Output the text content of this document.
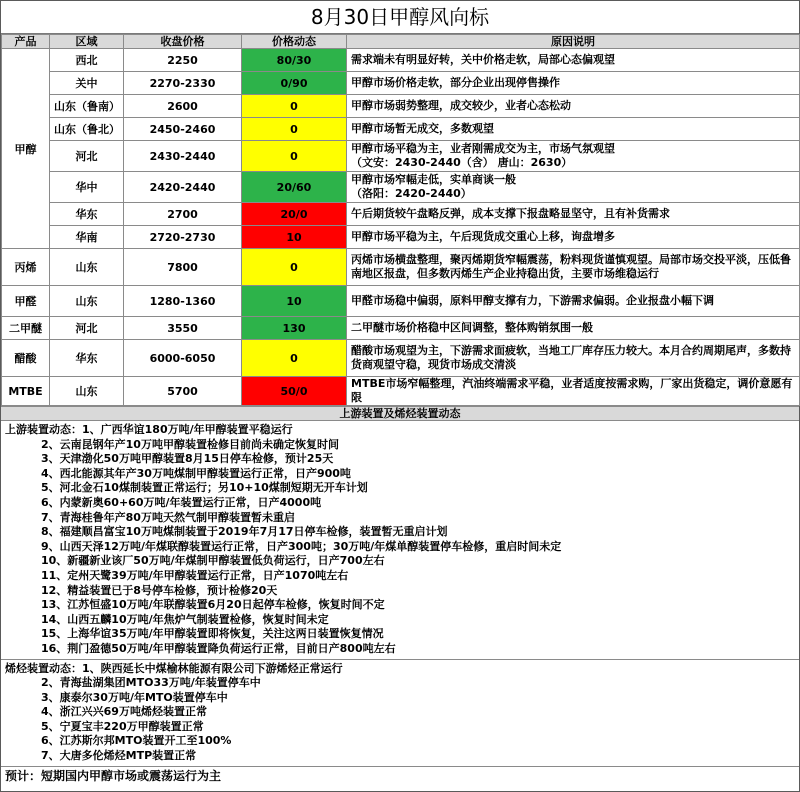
8月30日甲醇风向标
产品	区域	收盘价格	价格动态	原因说明
甲醇	西北	2250	80/30	需求端未有明显好转，关中价格走软，局部心态偏观望

	关中	2270-2330	0/90	甲醇市场价格走软，部分企业出现停售操作

	山东（鲁南）	2600	0	甲醇市场弱势整理，成交较少，业者心态松动

	山东（鲁北）	2450-2460	0	甲醇市场暂无成交，多数观望

	河北	2430-2440	0	甲醇市场平稳为主，业者刚需成交为主，市场气氛观望
（文安：2430-2440（含） 唐山：2630）

	华中	2420-2440	20/60	甲醇市场窄幅走低，实单商谈一般
（洛阳：2420-2440）

	华东	2700	20/0	午后期货较午盘略反弹，成本支撑下报盘略显坚守，且有补货需求

	华南	2720-2730	10	甲醇市场平稳为主，午后现货成交重心上移，询盘增多

丙烯	山东	7800	0	丙烯市场横盘整理，聚丙烯期货窄幅震荡，粉料现货谨慎观望。局部市场交投平淡，压低鲁南地区报盘，但多数丙烯生产企业持稳出货，主要市场维稳运行

甲醛	山东	1280-1360	10	甲醛市场稳中偏弱，原料甲醇支撑有力，下游需求偏弱。企业报盘小幅下调

二甲醚	河北	3550	130	二甲醚市场价格稳中区间调整，整体购销氛围一般

醋酸	华东	6000-6050	0	醋酸市场观望为主，下游需求面疲软，当地工厂库存压力较大。本月合约周期尾声，多数持货商观望守稳，现货市场成交清淡

MTBE	山东	5700	50/0	MTBE市场窄幅整理，汽油终端需求平稳，业者适度按需求购，厂家出货稳定，调价意愿有限
上游装置及烯烃装置动态
上游装置动态：1、广西华谊180万吨/年甲醇装置平稳运行
2、云南昆钢年产10万吨甲醇装置检修目前尚未确定恢复时间
3、天津渤化50万吨甲醇装置8月15日停车检修，预计25天
4、西北能源其年产30万吨煤制甲醇装置运行正常，日产900吨
5、河北金石10煤制装置正常运行；另10+10煤制短期无开车计划
6、内蒙新奥60+60万吨/年装置运行正常，日产4000吨
7、青海桂鲁年产80万吨天然气制甲醇装置暂未重启
8、福建顺昌富宝10万吨煤制装置于2019年7月17日停车检修，装置暂无重启计划
9、山西天泽12万吨/年煤联醇装置运行正常，日产300吨；30万吨/年煤单醇装置停车检修，重启时间未定
10、新疆新业该厂50万吨/年煤制甲醇装置低负荷运行，日产700左右
11、定州天鹭39万吨/年甲醇装置运行正常，日产1070吨左右
12、精益装置已于8号停车检修，预计检修20天
13、江苏恒盛10万吨/年联醇装置6月20日起停车检修，恢复时间不定
14、山西五麟10万吨/年焦炉气制装置检修，恢复时间未定
15、上海华谊35万吨/年甲醇装置即将恢复，关注这两日装置恢复情况
16、荆门盈德50万吨/年甲醇装置降负荷运行正常，目前日产800吨左右
烯烃装置动态：1、陕西延长中煤榆林能源有限公司下游烯烃正常运行
2、青海盐湖集团MTO33万吨/年装置停车中
3、康泰尔30万吨/年MTO装置停车中
4、浙江兴兴69万吨烯烃装置正常
5、宁夏宝丰220万甲醇装置正常
6、江苏斯尔邦MTO装置开工至100%
7、大唐多伦烯烃MTP装置正常
预计：短期国内甲醇市场或震荡运行为主
